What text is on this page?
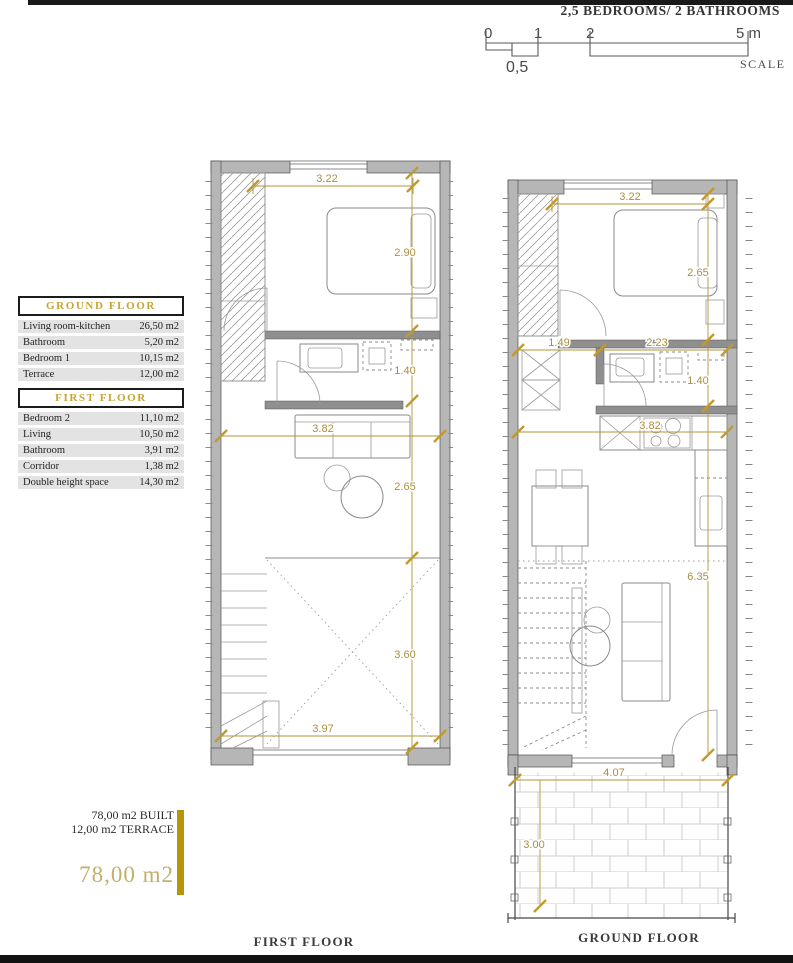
2,5 BEDROOMS/ 2 BATHROOMS
0	1	2	5 m
0,5	SCALE
GROUND FLOOR
Living room-kitchen	26,50 m2
Bathroom	5,20 m2
Bedroom 1	10,15 m2
Terrace	12,00 m2
FIRST FLOOR
Bedroom 2	11,10 m2
Living	10,50 m2
Bathroom	3,91 m2
Corridor	1,38 m2
Double height space	14,30 m2
78,00 m2 BUILT
12,00 m2 TERRACE
78,00 m2
3.22
2.90
1.40
3.82
2.65
3.60
3.97
3.22
2.65
1.49	2.23
1.40
3.82
6.35
4.07
3.00
FIRST FLOOR	GROUND FLOOR
